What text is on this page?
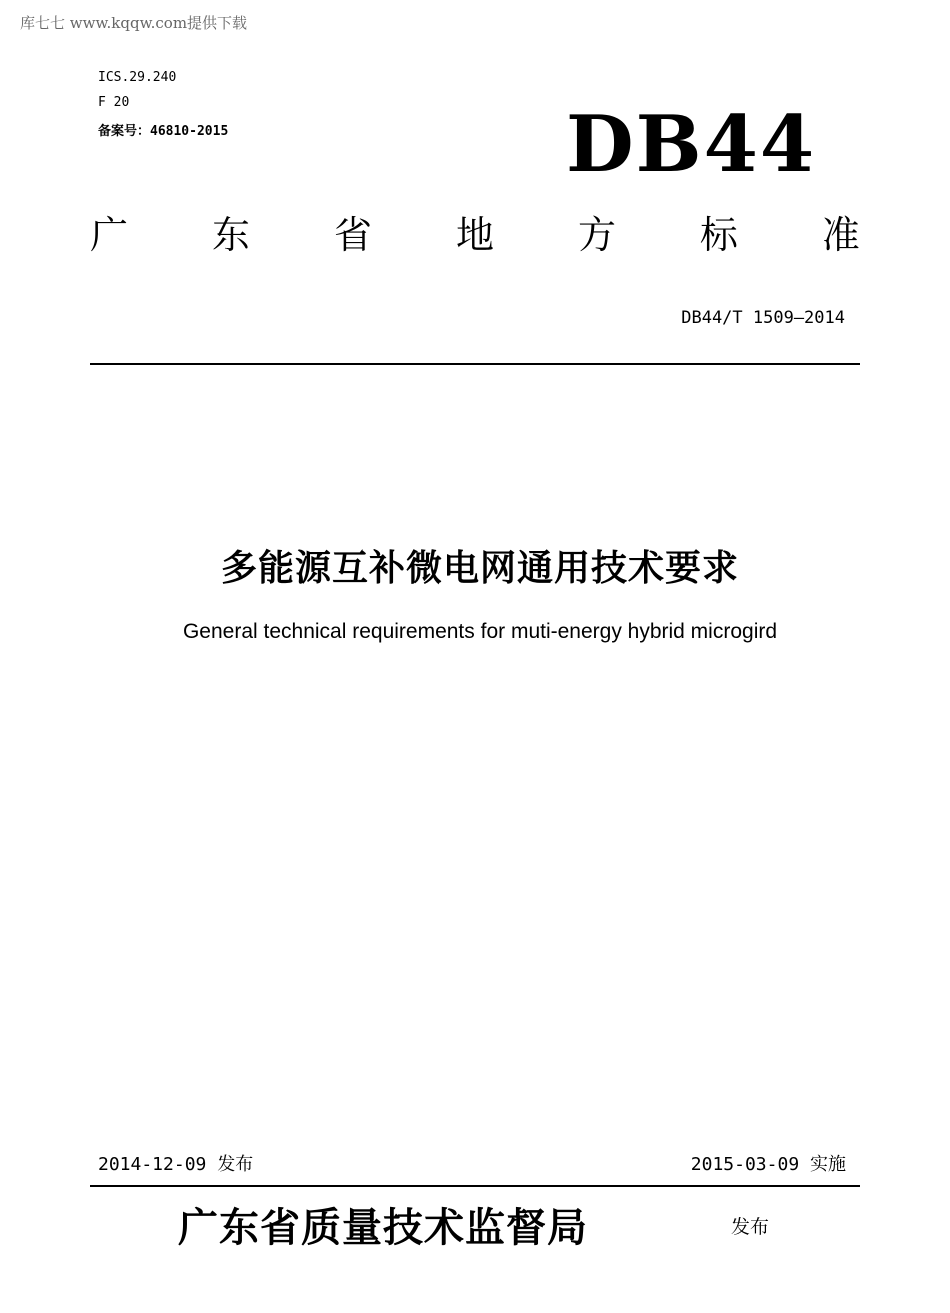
库七七 www.kqqw.com提供下载
ICS.29.240
F 20
备案号：46810-2015	DB44
广 东 省 地 方 标 准
DB44/T 1509—2014
多能源互补微电网通用技术要求
General technical requirements for muti-energy hybrid microgird
2014-12-09 发布	2015-03-09 实施
广东省质量技术监督局	发布
